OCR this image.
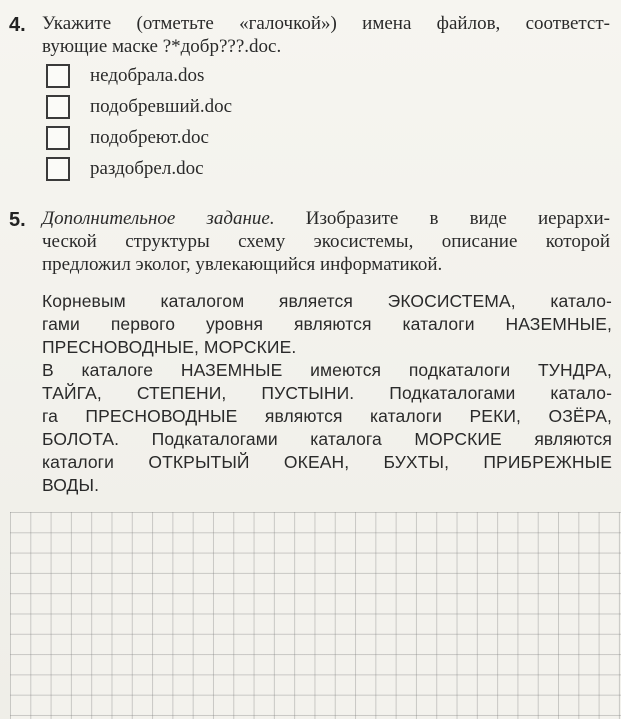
4. Укажите (отметьте «галочкой») имена файлов, соответст-
вующие маске ?*добр???.doc.
недобрала.dos
подобревший.doc
подобреют.doc
раздобрел.doc
5. Дополнительное задание. Изобразите в виде иерархи-
ческой структуры схему экосистемы, описание которой
предложил эколог, увлекающийся информатикой.
Корневым каталогом является ЭКОСИСТЕМА, катало-
гами первого уровня являются каталоги НАЗЕМНЫЕ,
ПРЕСНОВОДНЫЕ, МОРСКИЕ.
В каталоге НАЗЕМНЫЕ имеются подкаталоги ТУНДРА,
ТАЙГА, СТЕПЕНИ, ПУСТЫНИ. Подкаталогами катало-
га ПРЕСНОВОДНЫЕ являются каталоги РЕКИ, ОЗЁРА,
БОЛОТА. Подкаталогами каталога МОРСКИЕ являются
каталоги ОТКРЫТЫЙ ОКЕАН, БУХТЫ, ПРИБРЕЖНЫЕ
ВОДЫ.
